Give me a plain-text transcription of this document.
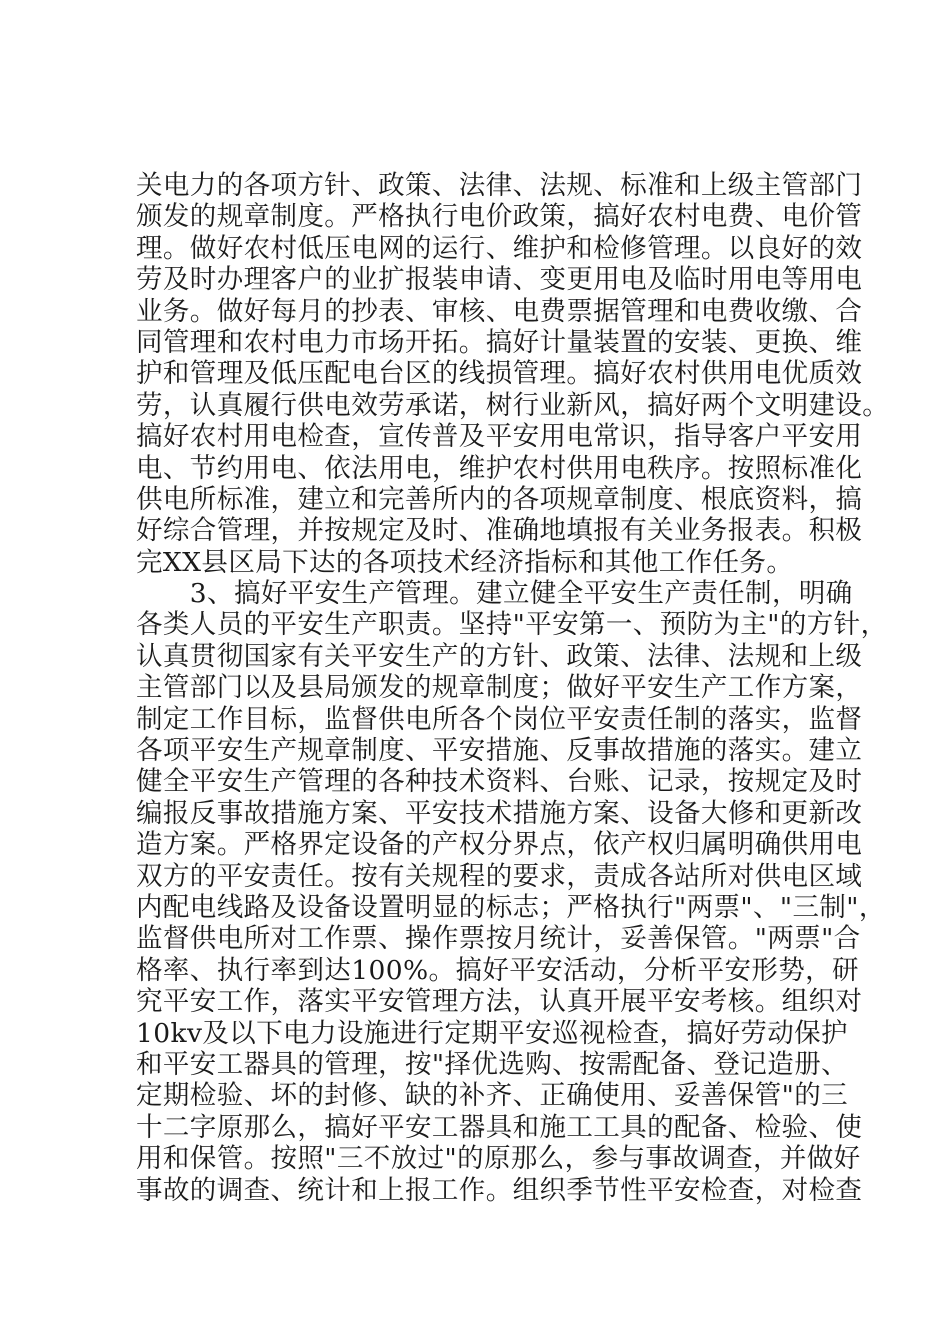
关电力的各项方针、政策、法律、法规、标准和上级主管部门
颁发的规章制度。严格执行电价政策，搞好农村电费、电价管
理。做好农村低压电网的运行、维护和检修管理。以良好的效
劳及时办理客户的业扩报装申请、变更用电及临时用电等用电
业务。做好每月的抄表、审核、电费票据管理和电费收缴、合
同管理和农村电力市场开拓。搞好计量装置的安装、更换、维
护和管理及低压配电台区的线损管理。搞好农村供用电优质效
劳，认真履行供电效劳承诺，树行业新风，搞好两个文明建设。
搞好农村用电检查，宣传普及平安用电常识，指导客户平安用
电、节约用电、依法用电，维护农村供用电秩序。按照标准化
供电所标准，建立和完善所内的各项规章制度、根底资料，搞
好综合管理，并按规定及时、准确地填报有关业务报表。积极
完XX县区局下达的各项技术经济指标和其他工作任务。
　　3、搞好平安生产管理。建立健全平安生产责任制，明确
各类人员的平安生产职责。坚持"平安第一、预防为主"的方针，
认真贯彻国家有关平安生产的方针、政策、法律、法规和上级
主管部门以及县局颁发的规章制度；做好平安生产工作方案，
制定工作目标，监督供电所各个岗位平安责任制的落实，监督
各项平安生产规章制度、平安措施、反事故措施的落实。建立
健全平安生产管理的各种技术资料、台账、记录，按规定及时
编报反事故措施方案、平安技术措施方案、设备大修和更新改
造方案。严格界定设备的产权分界点，依产权归属明确供用电
双方的平安责任。按有关规程的要求，责成各站所对供电区域
内配电线路及设备设置明显的标志；严格执行"两票"、"三制"，
监督供电所对工作票、操作票按月统计，妥善保管。"两票"合
格率、执行率到达100%。搞好平安活动，分析平安形势，研
究平安工作，落实平安管理方法，认真开展平安考核。组织对
10kv及以下电力设施进行定期平安巡视检查，搞好劳动保护
和平安工器具的管理，按"择优选购、按需配备、登记造册、
定期检验、坏的封修、缺的补齐、正确使用、妥善保管"的三
十二字原那么，搞好平安工器具和施工工具的配备、检验、使
用和保管。按照"三不放过"的原那么，参与事故调查，并做好
事故的调查、统计和上报工作。组织季节性平安检查，对检查
